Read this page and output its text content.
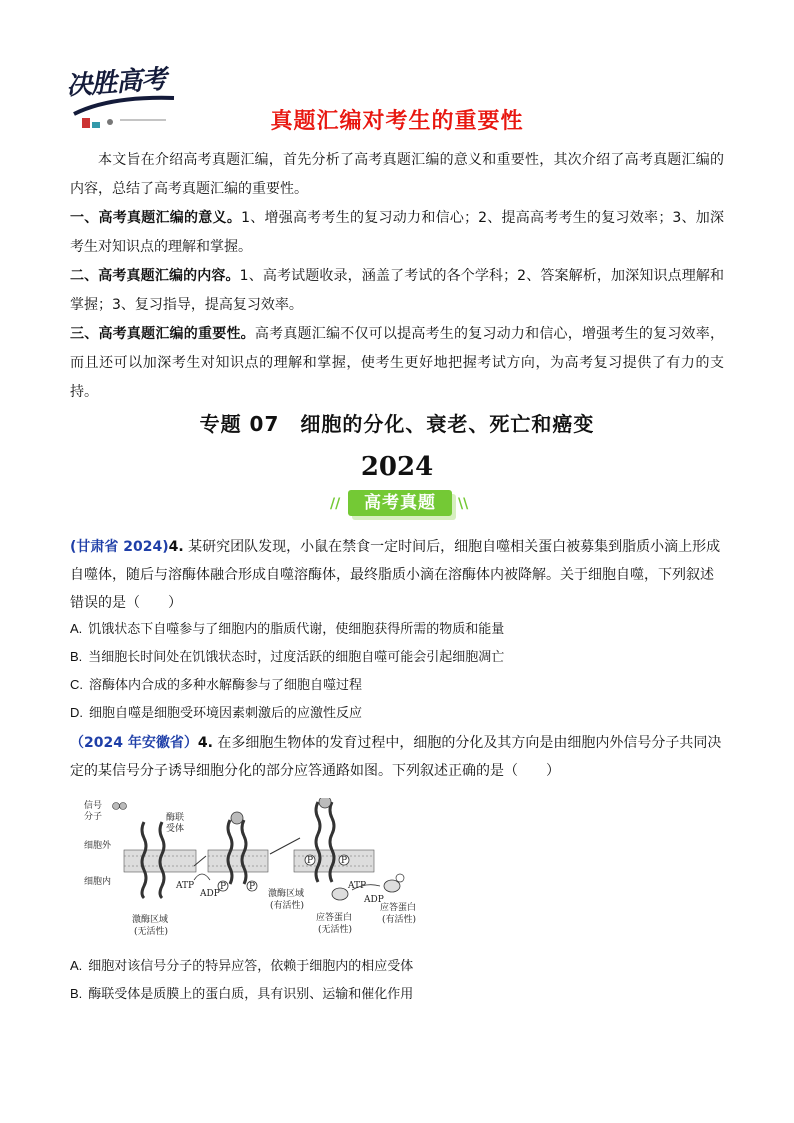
决胜高考
真题汇编对考生的重要性
本文旨在介绍高考真题汇编，首先分析了高考真题汇编的意义和重要性，其次介绍了高考真题汇编的内容，总结了高考真题汇编的重要性。
一、高考真题汇编的意义。1、增强高考考生的复习动力和信心；2、提高高考考生的复习效率；3、加深考生对知识点的理解和掌握。
二、高考真题汇编的内容。1、高考试题收录，涵盖了考试的各个学科；2、答案解析，加深知识点理解和掌握；3、复习指导，提高复习效率。
三、高考真题汇编的重要性。高考真题汇编不仅可以提高考生的复习动力和信心，增强考生的复习效率，而且还可以加深考生对知识点的理解和掌握，使考生更好地把握考试方向，为高考复习提供了有力的支持。
专题 07　细胞的分化、衰老、死亡和癌变
2024
//	高考真题	\\
(甘肃省 2024)4. 某研究团队发现，小鼠在禁食一定时间后，细胞自噬相关蛋白被募集到脂质小滴上形成自噬体，随后与溶酶体融合形成自噬溶酶体，最终脂质小滴在溶酶体内被降解。关于细胞自噬，下列叙述错误的是（　　）
A. 饥饿状态下自噬参与了细胞内的脂质代谢，使细胞获得所需的物质和能量
B. 当细胞长时间处在饥饿状态时，过度活跃的细胞自噬可能会引起细胞凋亡
C. 溶酶体内合成的多种水解酶参与了细胞自噬过程
D. 细胞自噬是细胞受环境因素刺激后的应激性反应
（2024 年安徽省）4. 在多细胞生物体的发育过程中，细胞的分化及其方向是由细胞内外信号分子共同决定的某信号分子诱导细胞分化的部分应答通路如图。下列叙述正确的是（　　）
P	P
P	P
信号
分子	酶联
受体
细胞外
细胞内	ATP
ADP
激酶区域
(无活性)
激酶区域
(有活性)
ATP
ADP
应答蛋白
(无活性)
应答蛋白
(有活性)
A. 细胞对该信号分子的特异应答，依赖于细胞内的相应受体
B. 酶联受体是质膜上的蛋白质，具有识别、运输和催化作用
